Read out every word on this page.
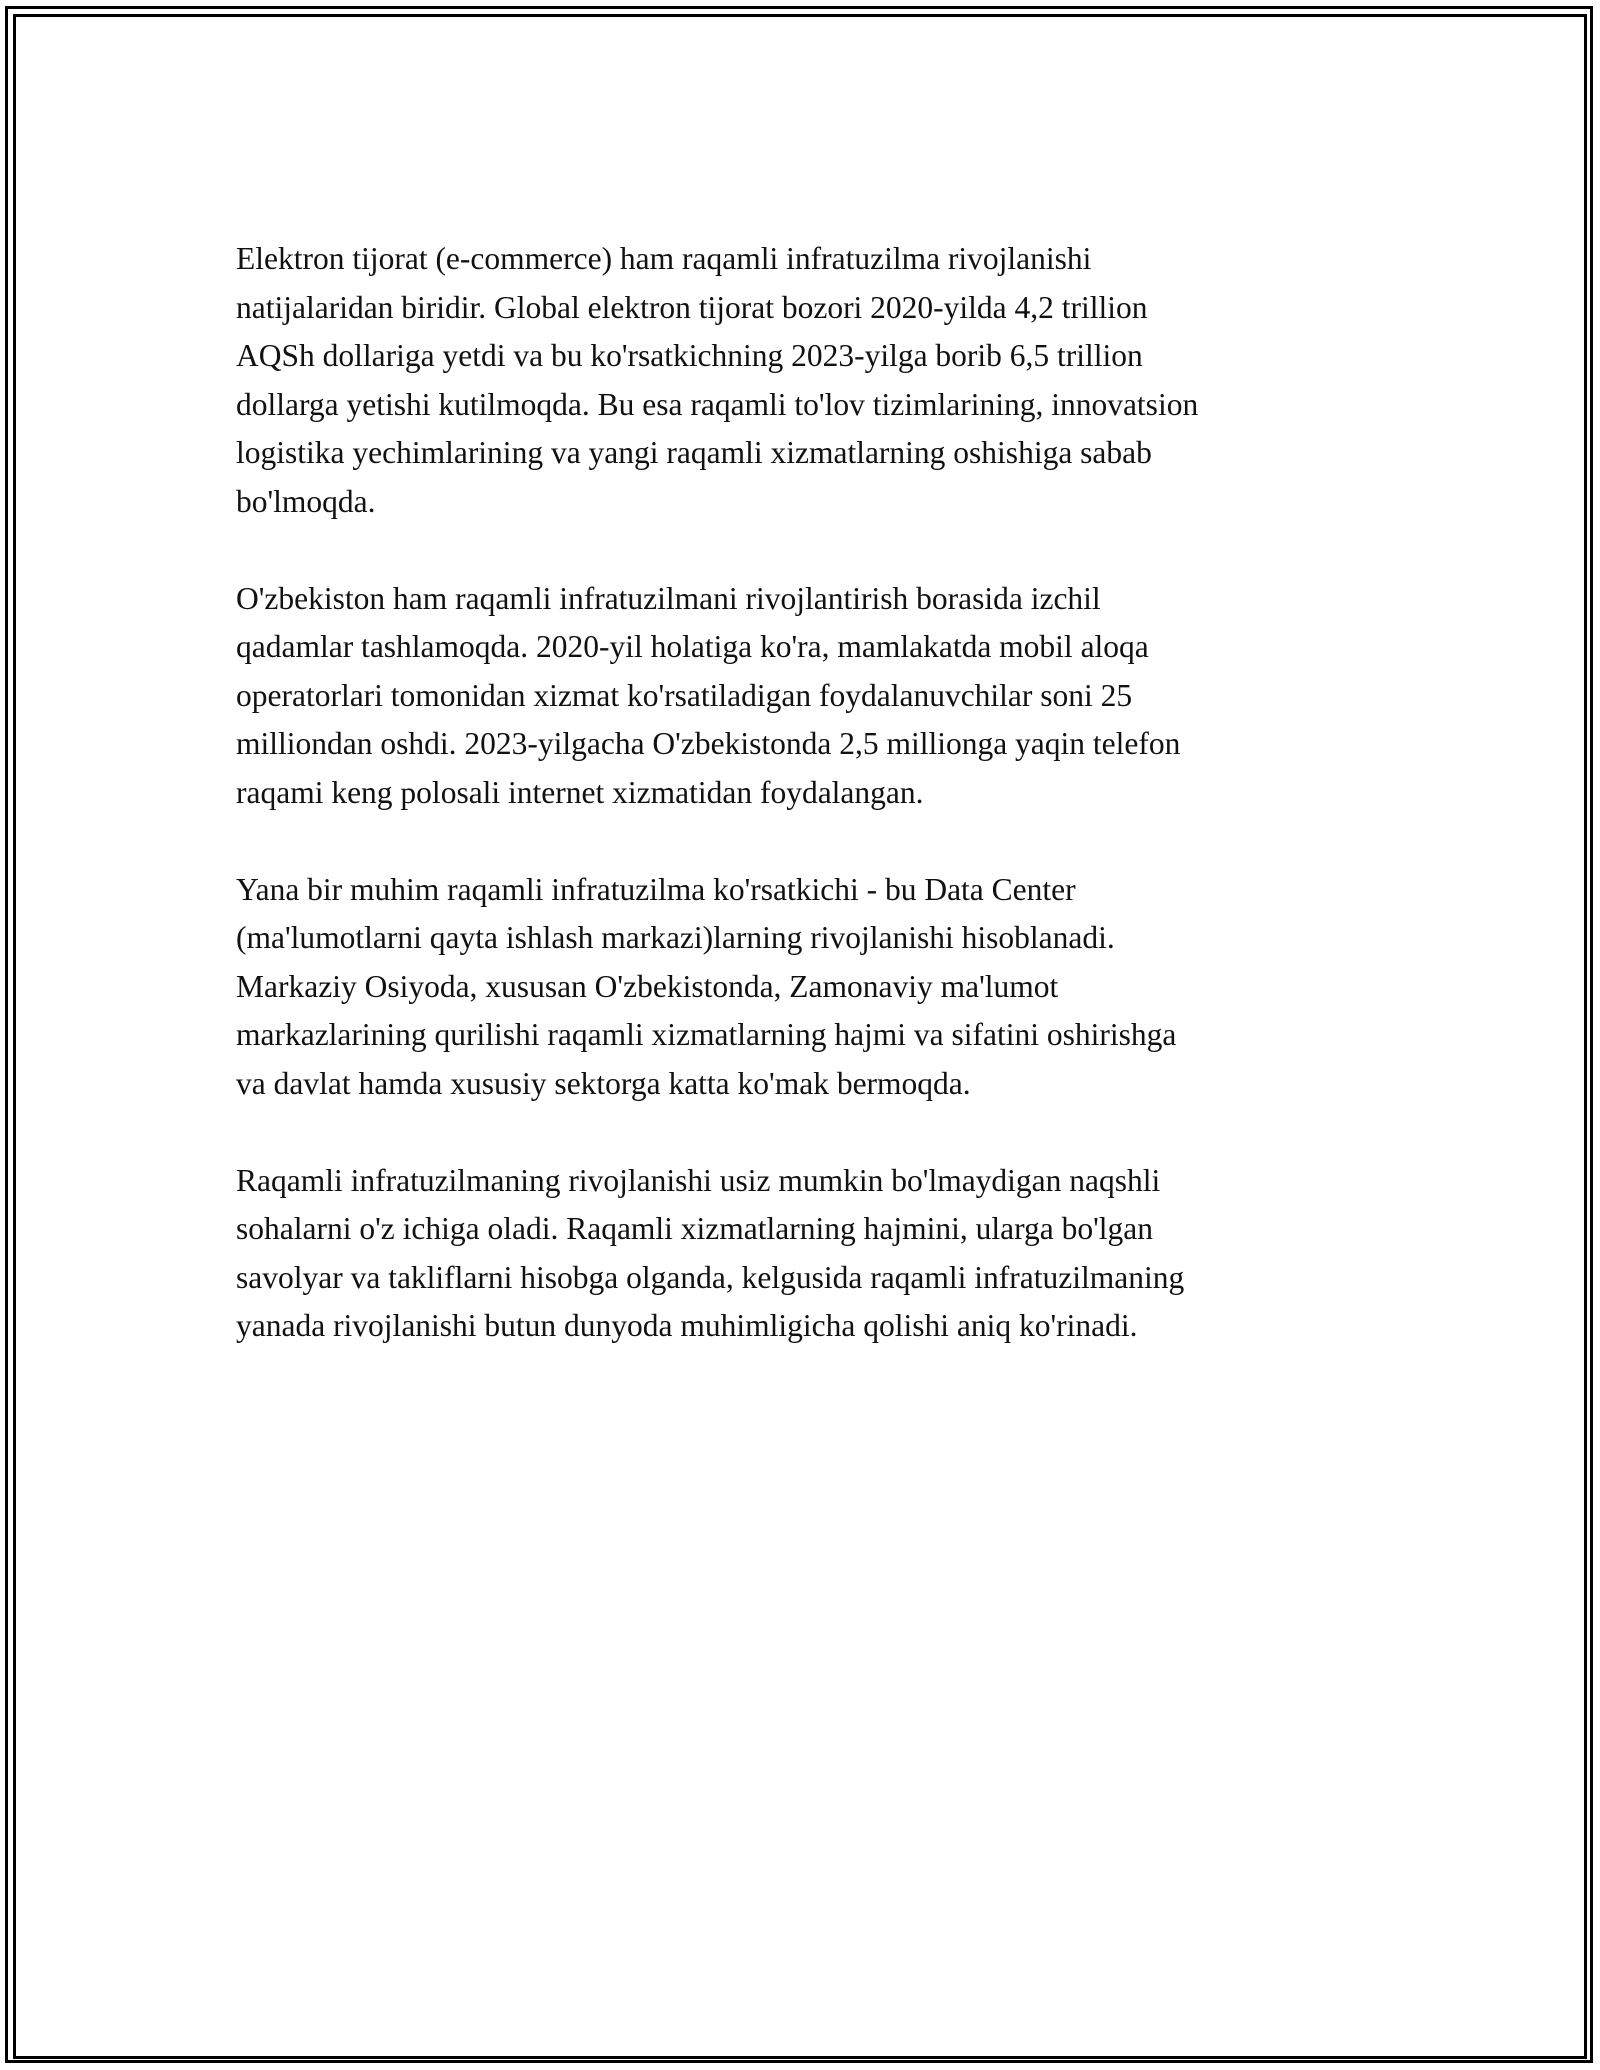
Elektron tijorat (e-commerce) ham raqamli infratuzilma rivojlanishi
natijalaridan biridir. Global elektron tijorat bozori 2020-yilda 4,2 trillion
AQSh dollariga yetdi va bu ko'rsatkichning 2023-yilga borib 6,5 trillion
dollarga yetishi kutilmoqda. Bu esa raqamli to'lov tizimlarining, innovatsion
logistika yechimlarining va yangi raqamli xizmatlarning oshishiga sabab
bo'lmoqda.

O'zbekiston ham raqamli infratuzilmani rivojlantirish borasida izchil
qadamlar tashlamoqda. 2020-yil holatiga ko'ra, mamlakatda mobil aloqa
operatorlari tomonidan xizmat ko'rsatiladigan foydalanuvchilar soni 25
milliondan oshdi. 2023-yilgacha O'zbekistonda 2,5 millionga yaqin telefon
raqami keng polosali internet xizmatidan foydalangan.

Yana bir muhim raqamli infratuzilma ko'rsatkichi - bu Data Center
(ma'lumotlarni qayta ishlash markazi)larning rivojlanishi hisoblanadi.
Markaziy Osiyoda, xususan O'zbekistonda, Zamonaviy ma'lumot
markazlarining qurilishi raqamli xizmatlarning hajmi va sifatini oshirishga
va davlat hamda xususiy sektorga katta ko'mak bermoqda.

Raqamli infratuzilmaning rivojlanishi usiz mumkin bo'lmaydigan naqshli
sohalarni o'z ichiga oladi. Raqamli xizmatlarning hajmini, ularga bo'lgan
savolyar va takliflarni hisobga olganda, kelgusida raqamli infratuzilmaning
yanada rivojlanishi butun dunyoda muhimligicha qolishi aniq ko'rinadi.
